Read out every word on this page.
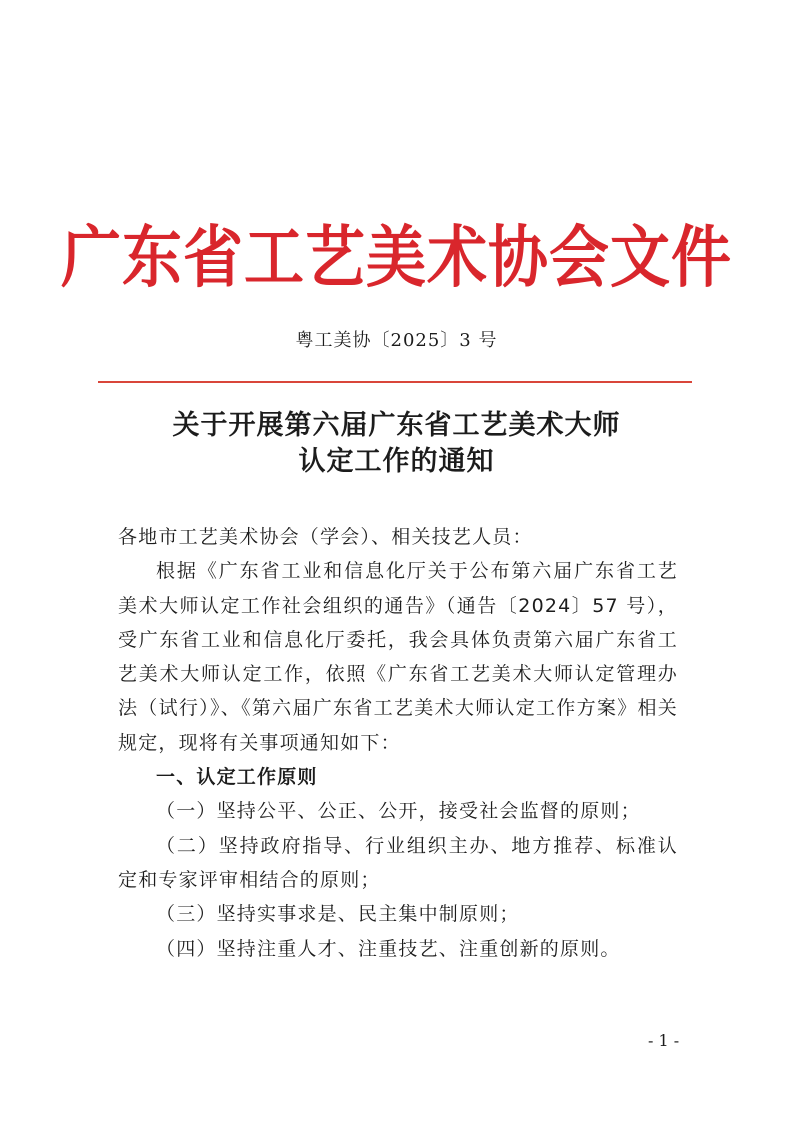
广东省工艺美术协会文件
粤工美协〔2025〕3 号
关于开展第六届广东省工艺美术大师
认定工作的通知

各地市工艺美术协会（学会）、相关技艺人员：

根据《广东省工业和信息化厅关于公布第六届广东省工艺美术大师认定工作社会组织的通告》（通告〔2024〕57 号），受广东省工业和信息化厅委托，我会具体负责第六届广东省工艺美术大师认定工作，依照《广东省工艺美术大师认定管理办法（试行）》、《第六届广东省工艺美术大师认定工作方案》相关规定，现将有关事项通知如下：

一、认定工作原则

（一）坚持公平、公正、公开，接受社会监督的原则；

（二）坚持政府指导、行业组织主办、地方推荐、标准认定和专家评审相结合的原则；

（三）坚持实事求是、民主集中制原则；

（四）坚持注重人才、注重技艺、注重创新的原则。

- 1 -
